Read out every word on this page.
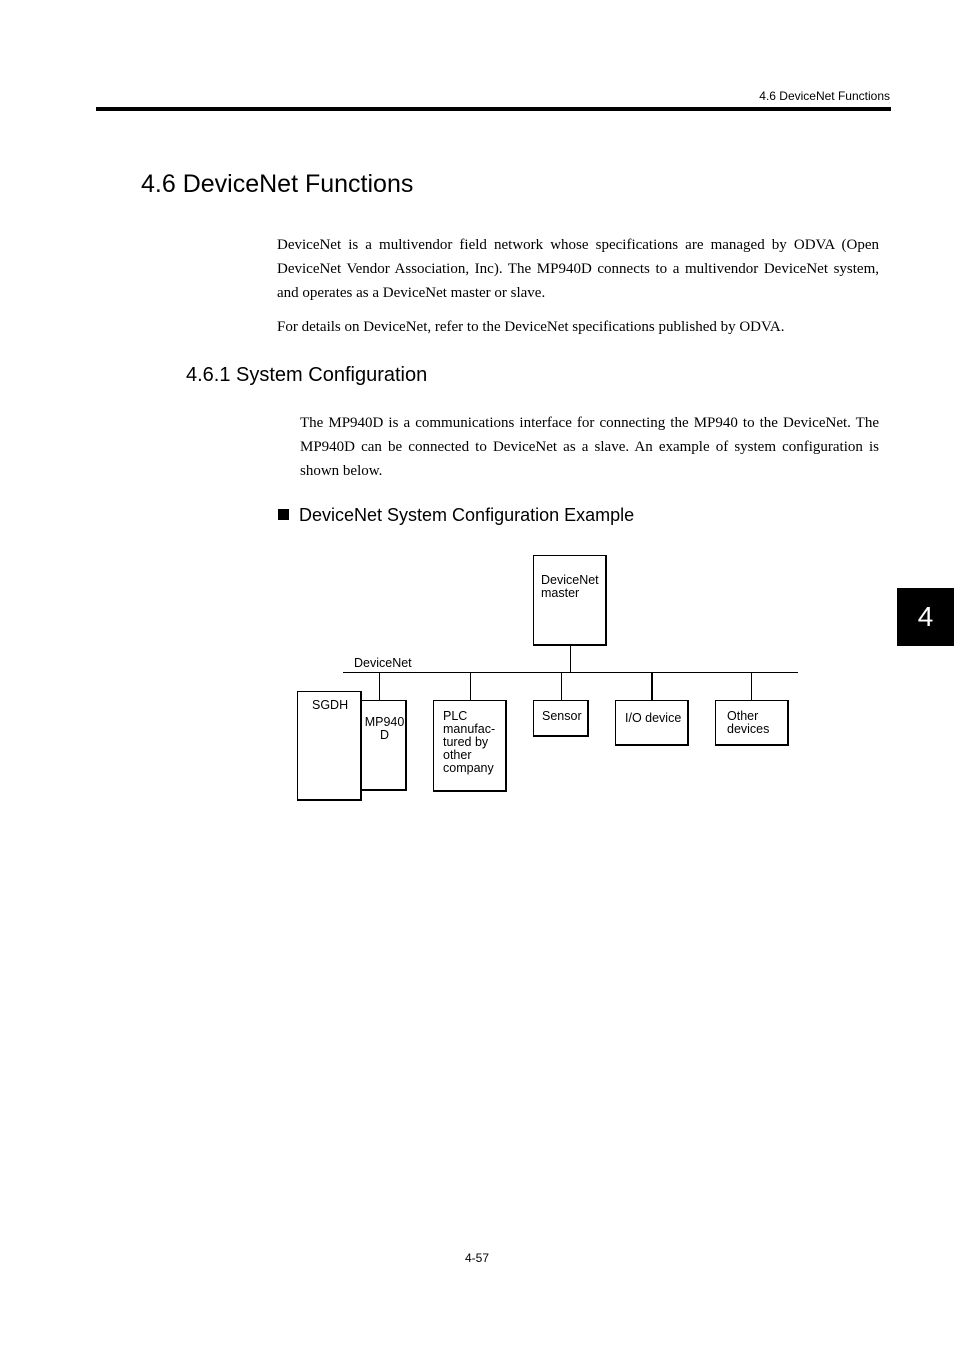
4.6 DeviceNet Functions
4.6 DeviceNet Functions

DeviceNet is a multivendor field network whose specifications are managed by ODVA (Open DeviceNet Vendor Association, Inc). The MP940D connects to a multivendor DeviceNet system, and operates as a DeviceNet master or slave.

For details on DeviceNet, refer to the DeviceNet specifications published by ODVA.

4.6.1 System Configuration

The MP940D is a communications interface for connecting the MP940 to the DeviceNet. The MP940D can be connected to DeviceNet as a slave. An example of system configuration is shown below.

DeviceNet System Configuration Example
DeviceNet
master
DeviceNet
MP940
D
SGDH
PLC
manufac-
tured by
other
company
Sensor	I/O device	Other
devices
4
4-57
